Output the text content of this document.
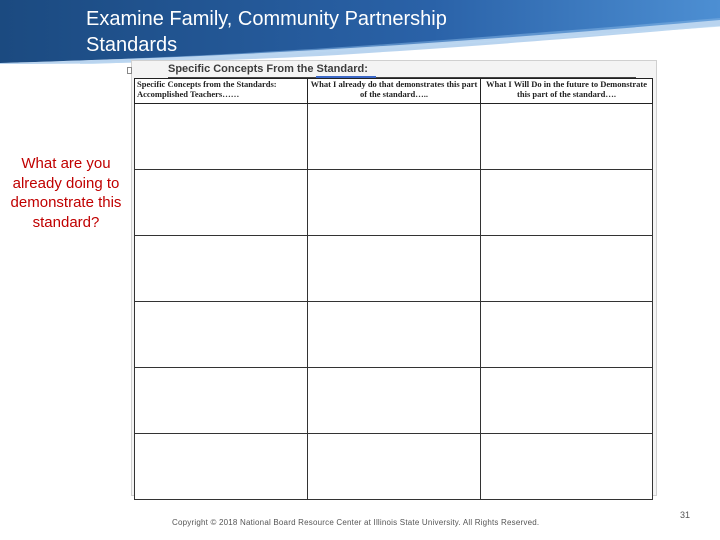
Examine Family, Community Partnership
Standards
What are you already doing to demonstrate this standard?
Specific Concepts From the Standard:
Specific Concepts from the Standards: Accomplished Teachers……	What I already do that demonstrates this part of the standard…..	What I Will Do in the future to Demonstrate this part of the standard….

Copyright © 2018 National Board Resource Center at Illinois State University. All Rights Reserved.
31
